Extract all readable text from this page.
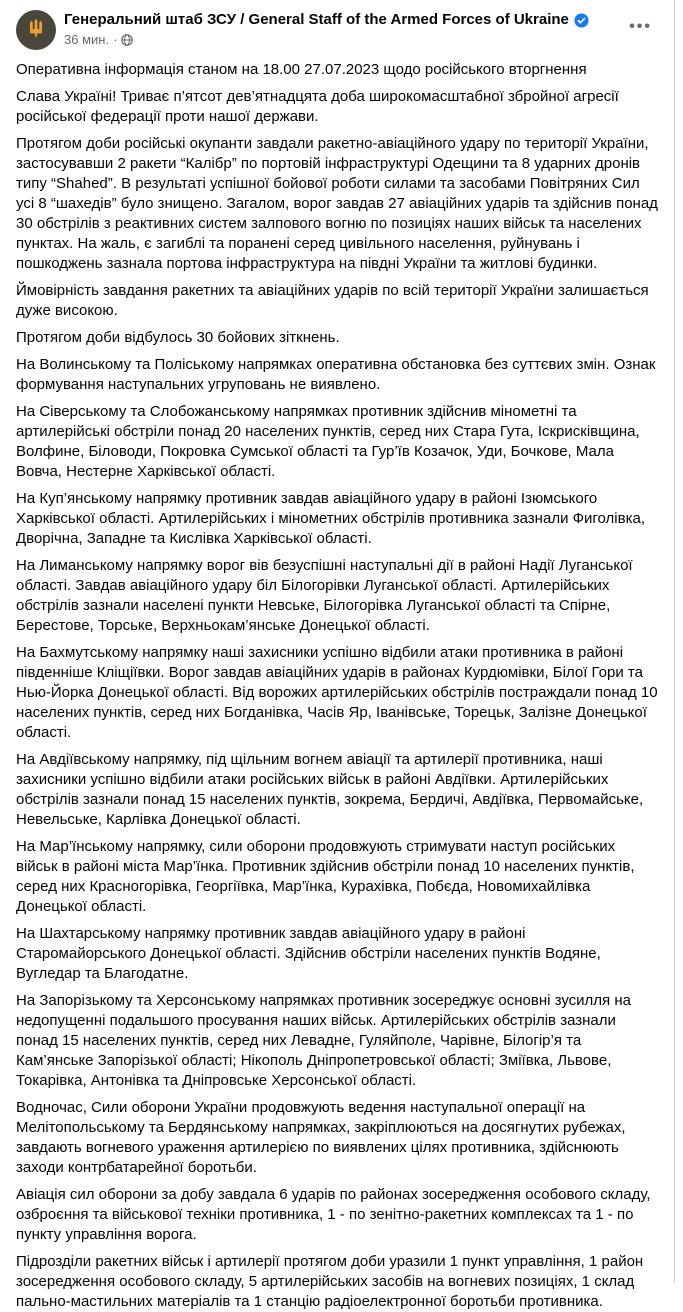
Генеральний штаб ЗСУ / General Staff of the Armed Forces of Ukraine
36 мин. ·
•••

Оперативна інформація станом на 18.00 27.07.2023 щодо російського вторгнення

Слава Україні! Триває п’ятсот дев’ятнадцята доба широкомасштабної збройної агресії російської федерації проти нашої держави.

Протягом доби російські окупанти завдали ракетно-авіаційного удару по території України, застосувавши 2 ракети “Калібр” по портовій інфраструктурі Одещини та 8 ударних дронів типу “Shahed”. В результаті успішної бойової роботи силами та засобами Повітряних Сил усі 8 “шахедів” було знищено. Загалом, ворог завдав 27 авіаційних ударів та здійснив понад 30 обстрілів з реактивних систем залпового вогню по позиціях наших військ та населених пунктах. На жаль, є загиблі та поранені серед цивільного населення, руйнувань і пошкоджень зазнала портова інфраструктура на півдні України та житлові будинки.

Ймовірність завдання ракетних та авіаційних ударів по всій території України залишається дуже високою.

Протягом доби відбулось 30 бойових зіткнень.

На Волинському та Поліському напрямках оперативна обстановка без суттєвих змін. Ознак формування наступальних угруповань не виявлено.

На Сіверському та Слобожанському напрямках противник здійснив мінометні та артилерійські обстріли понад 20 населених пунктів, серед них Стара Гута, Іскрисківщина, Волфине, Біловоди, Покровка Сумської області та Гур’їв Козачок, Уди, Бочкове, Мала Вовча, Нестерне Харківської області.

На Куп’янському напрямку противник завдав авіаційного удару в районі Ізюмського Харківської області. Артилерійських і мінометних обстрілів противника зазнали Фиголівка, Дворічна, Западне та Кислівка Харківської області.

На Лиманському напрямку ворог вів безуспішні наступальні дії в районі Надії Луганської області. Завдав авіаційного удару біл Білогорівки Луганської області. Артилерійських обстрілів зазнали населені пункти Невське, Білогорівка Луганської області та Спірне, Берестове, Торське, Верхньокам’янське Донецької області.

На Бахмутському напрямку наші захисники успішно відбили атаки противника в районі південніше Кліщіївки. Ворог завдав авіаційних ударів в районах Курдюмівки, Білої Гори та Нью-Йорка Донецької області. Від ворожих артилерійських обстрілів постраждали понад 10 населених пунктів, серед них Богданівка, Часів Яр, Іванівське, Торецьк, Залізне Донецької області.

На Авдіївському напрямку, під щільним вогнем авіації та артилерії противника, наші захисники успішно відбили атаки російських військ в районі Авдіївки. Артилерійських обстрілів зазнали понад 15 населених пунктів, зокрема, Бердичі, Авдіївка, Первомайське, Невельське, Карлівка Донецької області.

На Мар’їнському напрямку, сили оборони продовжують стримувати наступ російських військ в районі міста Мар’їнка. Противник здійснив обстріли понад 10 населених пунктів, серед них Красногорівка, Георгіївка, Мар’їнка, Курахівка, Побєда, Новомихайлівка Донецької області.

На Шахтарському напрямку противник завдав авіаційного удару в районі Старомайорського Донецької області. Здійснив обстріли населених пунктів Водяне, Вугледар та Благодатне.

На Запорізькому та Херсонському напрямках противник зосереджує основні зусилля на недопущенні подальшого просування наших військ. Артилерійських обстрілів зазнали понад 15 населених пунктів, серед них Левадне, Гуляйполе, Чарівне, Білогір’я та Кам’янське Запорізької області; Нікополь Дніпропетровської області; Зміївка, Львове, Токарівка, Антонівка та Дніпровське Херсонської області.

Водночас, Сили оборони України продовжують ведення наступальної операції на Мелітопольському та Бердянському напрямках, закріплюються на досягнутих рубежах, завдають вогневого ураження артилерією по виявлених цілях противника, здійснюють заходи контрбатарейної боротьби.

Авіація сил оборони за добу завдала 6 ударів по районах зосередження особового складу, озброєння та військової техніки противника, 1 - по зенітно-ракетних комплексах та 1 - по пункту управління ворога.

Підрозділи ракетних військ і артилерії протягом доби уразили 1 пункт управління, 1 район зосередження особового складу, 5 артилерійських засобів на вогневих позиціях, 1 склад пально-мастильних матеріалів та 1 станцію радіоелектронної боротьби противника.
